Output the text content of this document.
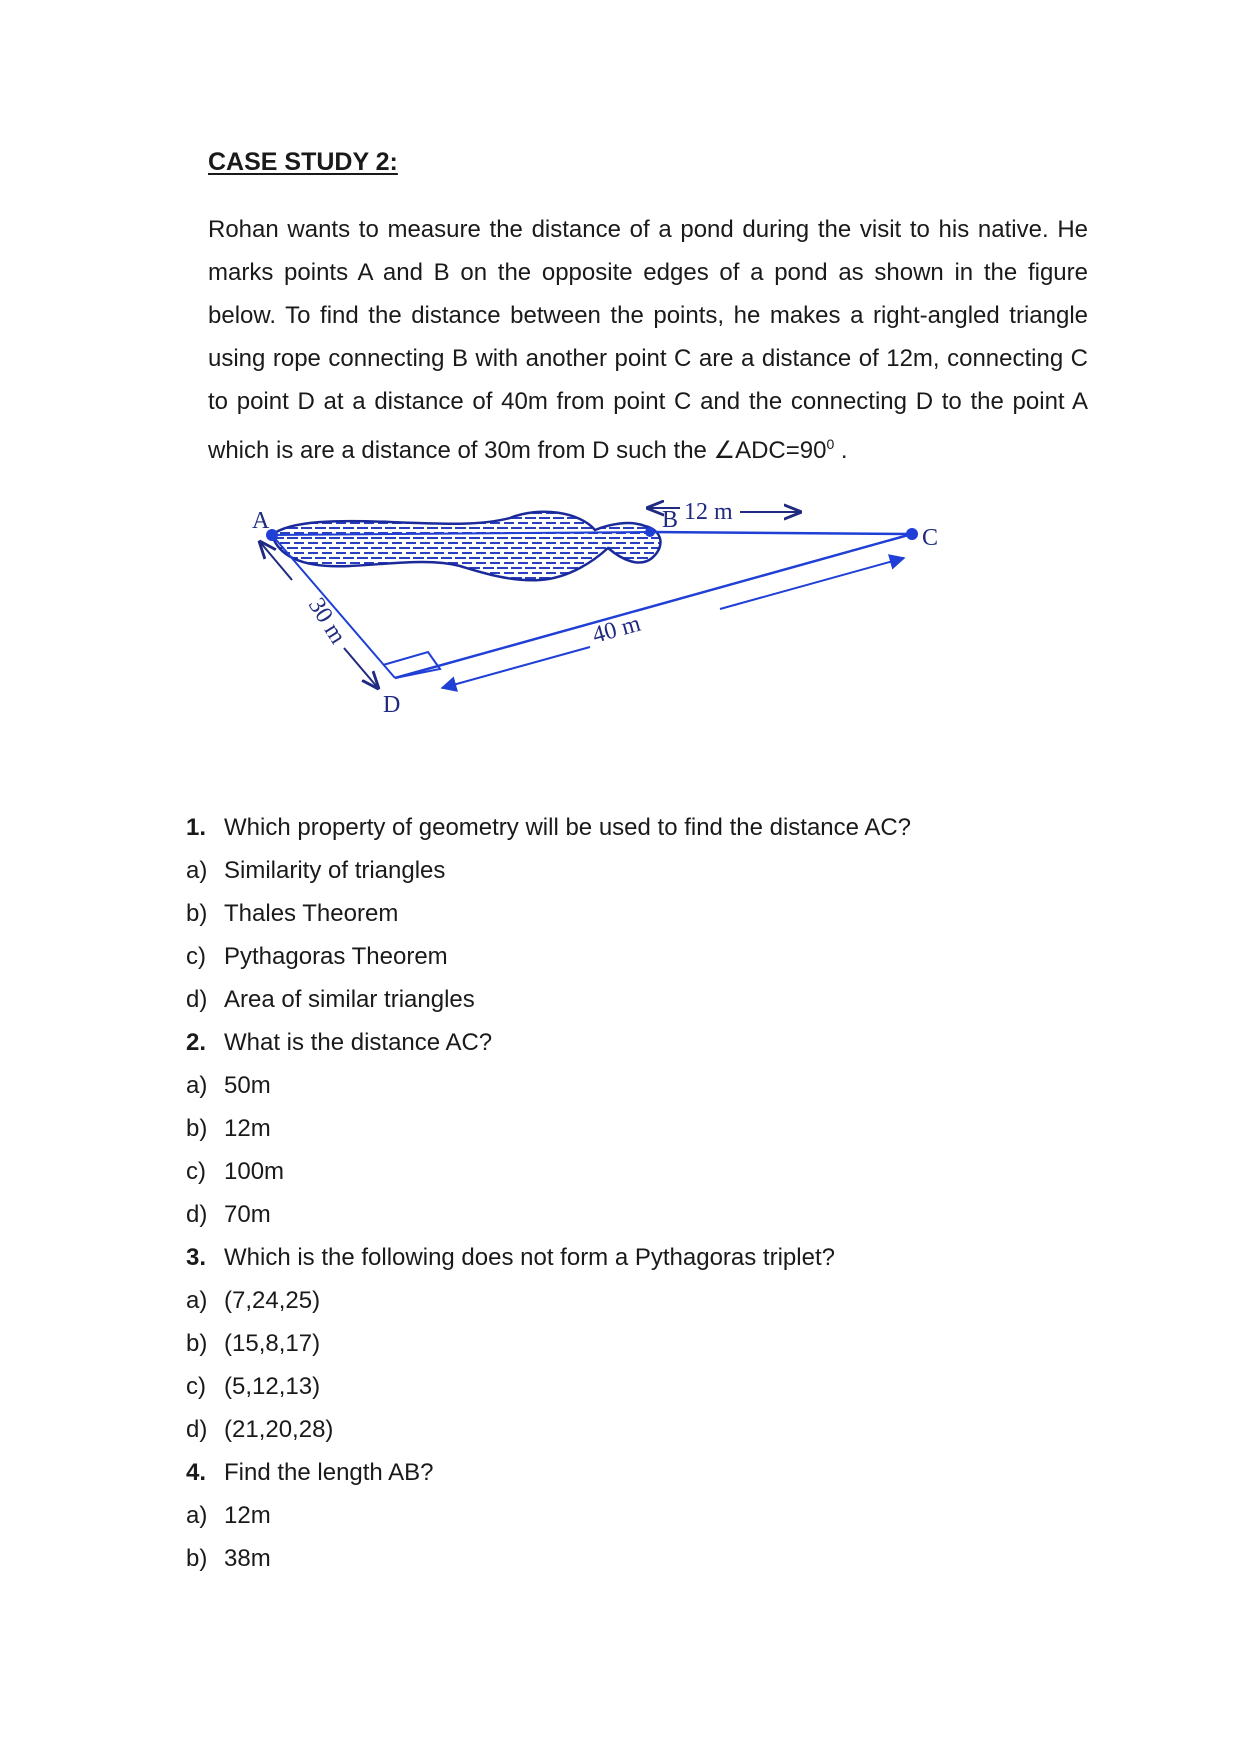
CASE STUDY 2:
Rohan wants to measure the distance of a pond during the visit to his native. He marks points A and B on the opposite edges of a pond as shown in the figure below. To find the distance between the points, he makes a right-angled triangle using rope connecting B with another point C are a distance of 12m, connecting C to point D at a distance of 40m from point C and the connecting D to the point A which is are a distance of 30m from D such the $\angle ADC=90^0$ .
A	B
C
D
12 m
30 m	40 m
1. Which property of geometry will be used to find the distance AC?
a) Similarity of triangles
b) Thales Theorem
c) Pythagoras Theorem
d) Area of similar triangles
2. What is the distance AC?
a) 50m
b) 12m
c) 100m
d) 70m
3. Which is the following does not form a Pythagoras triplet?
a) (7,24,25)
b) (15,8,17)
c) (5,12,13)
d) (21,20,28)
4. Find the length AB?
a) 12m
b) 38m
